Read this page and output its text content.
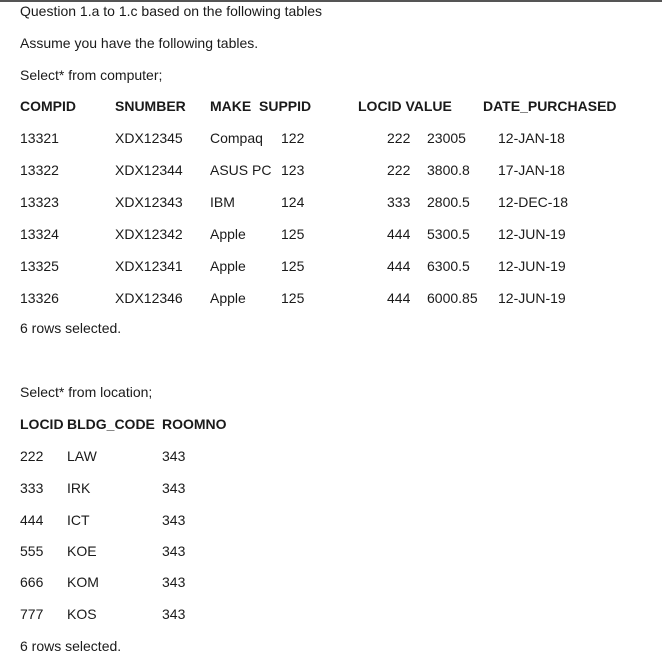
Question 1.a to 1.c based on the following tables
Assume you have the following tables.
Select* from computer;
COMPID	SNUMBER MAKE  SUPPID	LOCID VALUE DATE_PURCHASED
13321	XDX12345 Compaq 122	222 23005 12-JAN-18
13322	XDX12344 ASUS PC 123	222 3800.8 17-JAN-18
13323	XDX12343 IBM	124	333 2800.5 12-DEC-18
13324	XDX12342 Apple	125	444 5300.5 12-JUN-19
13325	XDX12341 Apple	125	444 6300.5 12-JUN-19
13326	XDX12346 Apple	125	444 6000.85 12-JUN-19
6 rows selected.
Select* from location;
LOCID BLDG_CODE ROOMNO
222 LAW	343
333 IRK	343
444 ICT	343
555 KOE	343
666 KOM	343
777 KOS	343
6 rows selected.
